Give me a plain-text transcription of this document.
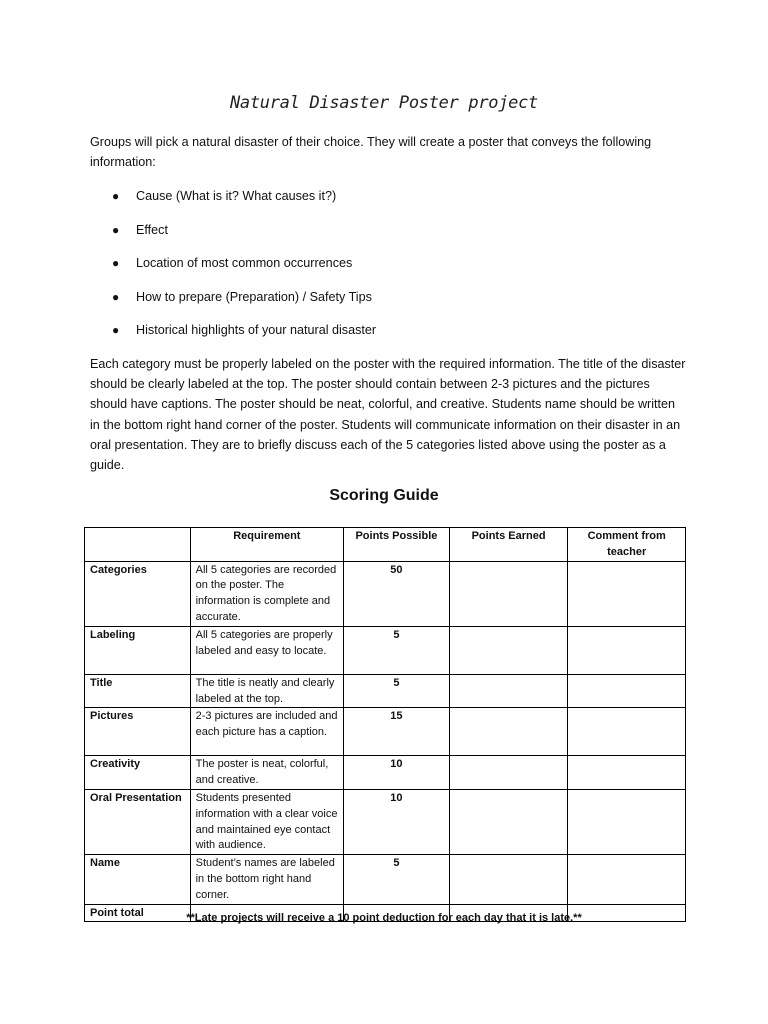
Natural Disaster Poster project

Groups will pick a natural disaster of their choice. They will create a poster that conveys the following information:

● Cause (What is it? What causes it?)
● Effect
● Location of most common occurrences
● How to prepare (Preparation) / Safety Tips
● Historical highlights of your natural disaster

Each category must be properly labeled on the poster with the required information. The title of the disaster should be clearly labeled at the top. The poster should contain between 2-3 pictures and the pictures should have captions. The poster should be neat, colorful, and creative. Students name should be written in the bottom right hand corner of the poster. Students will communicate information on their disaster in an oral presentation. They are to briefly discuss each of the 5 categories listed above using the poster as a guide.

Scoring Guide
	Requirement	Points Possible	Points Earned	Comment from teacher
Categories	All 5 categories are recorded on the poster. The information is complete and accurate.	50		
Labeling	All 5 categories are properly labeled and easy to locate.	5		
Title	The title is neatly and clearly labeled at the top.	5		
Pictures	2-3 pictures are included and each picture has a caption.	15		
Creativity	The poster is neat, colorful, and creative.	10		
Oral Presentation	Students presented information with a clear voice and maintained eye contact with audience.	10		
Name	Student’s names are labeled in the bottom right hand corner.	5		
Point total					**Late projects will receive a 10 point deduction for each day that it is late.**
